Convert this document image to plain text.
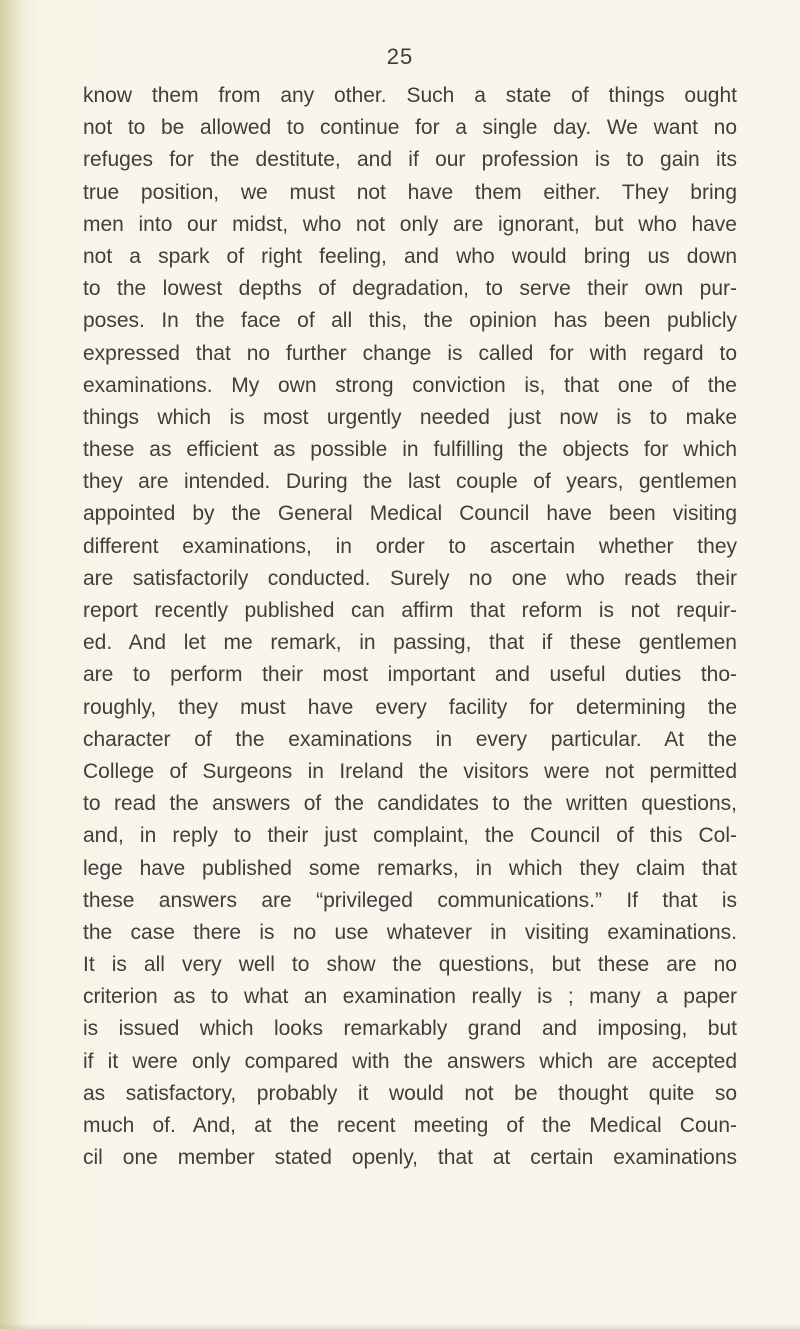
25
know them from any other. Such a state of things ought
not to be allowed to continue for a single day. We want no
refuges for the destitute, and if our profession is to gain its
true position, we must not have them either. They bring
men into our midst, who not only are ignorant, but who have
not a spark of right feeling, and who would bring us down
to the lowest depths of degradation, to serve their own pur-
poses. In the face of all this, the opinion has been publicly
expressed that no further change is called for with regard to
examinations. My own strong conviction is, that one of the
things which is most urgently needed just now is to make
these as efficient as possible in fulfilling the objects for which
they are intended. During the last couple of years, gentlemen
appointed by the General Medical Council have been visiting
different examinations, in order to ascertain whether they
are satisfactorily conducted. Surely no one who reads their
report recently published can affirm that reform is not requir-
ed. And let me remark, in passing, that if these gentlemen
are to perform their most important and useful duties tho-
roughly, they must have every facility for determining the
character of the examinations in every particular. At the
College of Surgeons in Ireland the visitors were not permitted
to read the answers of the candidates to the written questions,
and, in reply to their just complaint, the Council of this Col-
lege have published some remarks, in which they claim that
these answers are “privileged communications.” If that is
the case there is no use whatever in visiting examinations.
It is all very well to show the questions, but these are no
criterion as to what an examination really is ; many a paper
is issued which looks remarkably grand and imposing, but
if it were only compared with the answers which are accepted
as satisfactory, probably it would not be thought quite so
much of. And, at the recent meeting of the Medical Coun-
cil one member stated openly, that at certain examinations
